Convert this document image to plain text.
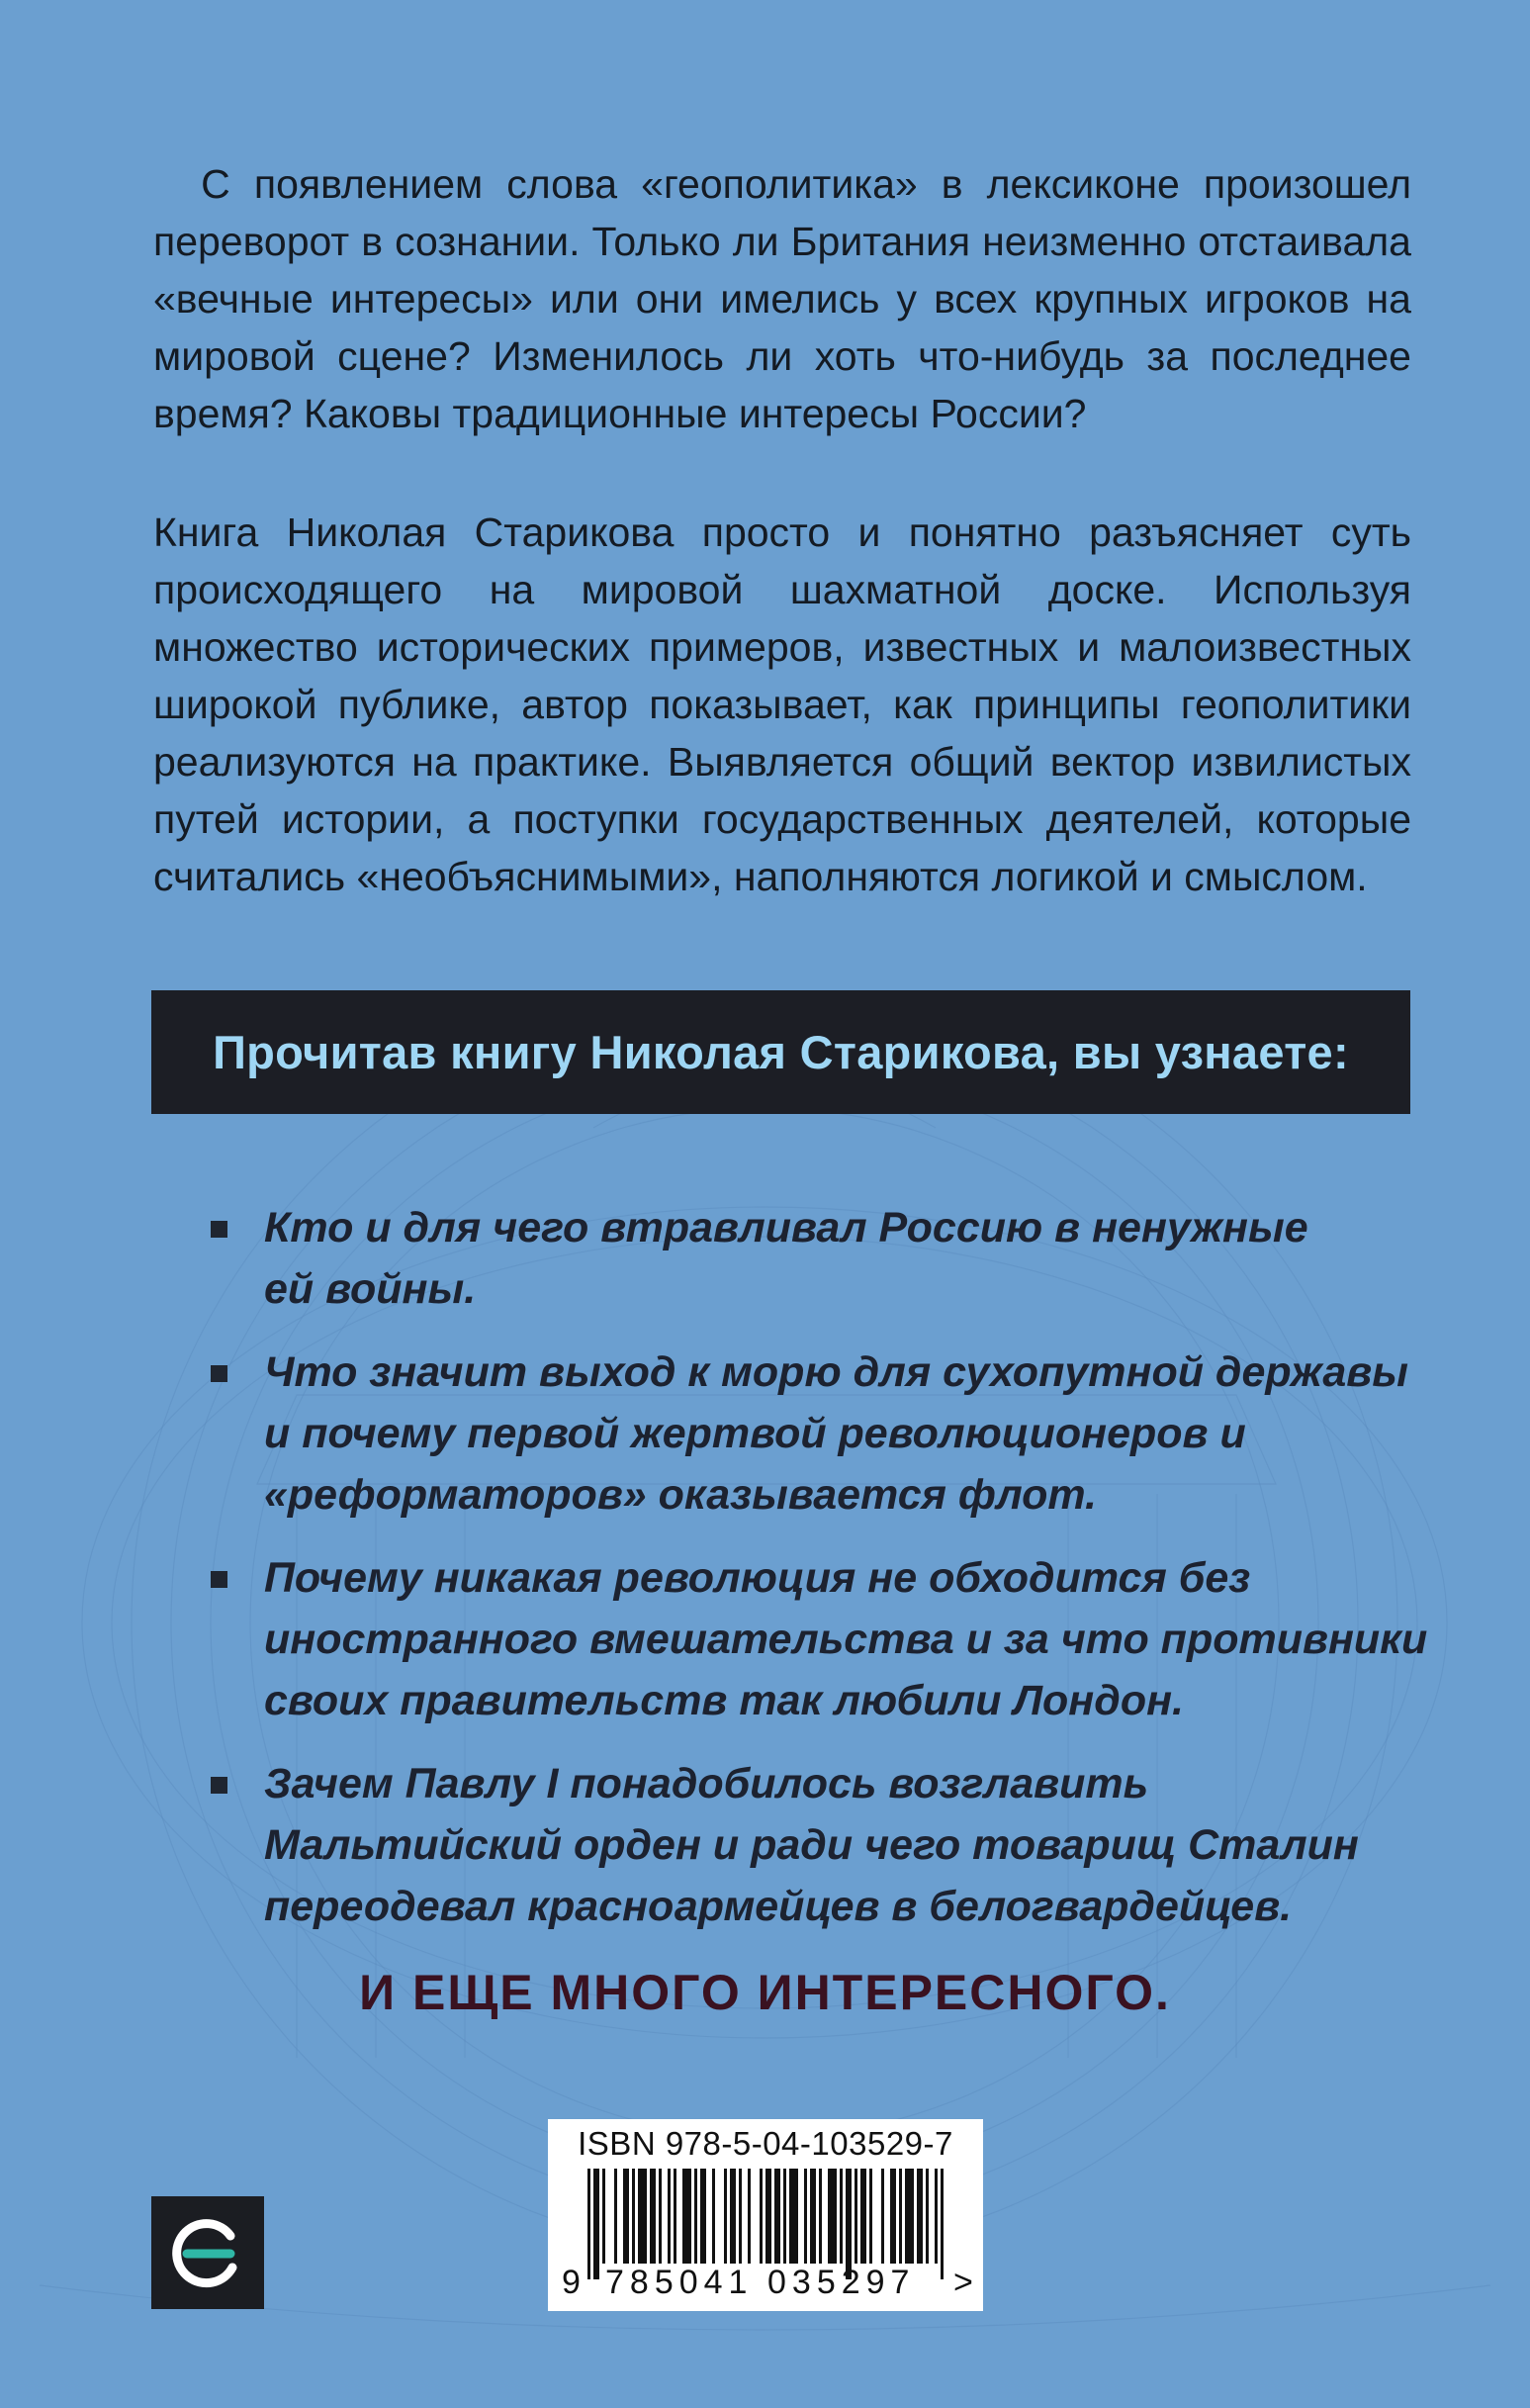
С появлением слова «геополитика» в лексиконе произошел
переворот в сознании. Только ли Британия неизменно отстаивала
«вечные интересы» или они имелись у всех крупных игроков на
мировой сцене? Изменилось ли хоть что-нибудь за последнее
время? Каковы традиционные интересы России?
Книга Николая Старикова просто и понятно разъясняет суть
происходящего на мировой шахматной доске. Используя
множество исторических примеров, известных и малоизвестных
широкой публике, автор показывает, как принципы геополитики
реализуются на практике. Выявляется общий вектор извилистых
путей истории, а поступки государственных деятелей, которые
считались «необъяснимыми», наполняются логикой и смыслом.
Прочитав книгу Николая Старикова, вы узнаете:
Кто и для чего втравливал Россию в ненужные
ей войны.
Что значит выход к морю для сухопутной державы
и почему первой жертвой революционеров и
«реформаторов» оказывается флот.
Почему никакая революция не обходится без
иностранного вмешательства и за что противники
своих правительств так любили Лондон.
Зачем Павлу I понадобилось возглавить
Мальтийский орден и ради чего товарищ Сталин
переодевал красноармейцев в белогвардейцев.
И ЕЩЕ МНОГО ИНТЕРЕСНОГО.
ISBN 978-5-04-103529-7
9 785041 035297 >
